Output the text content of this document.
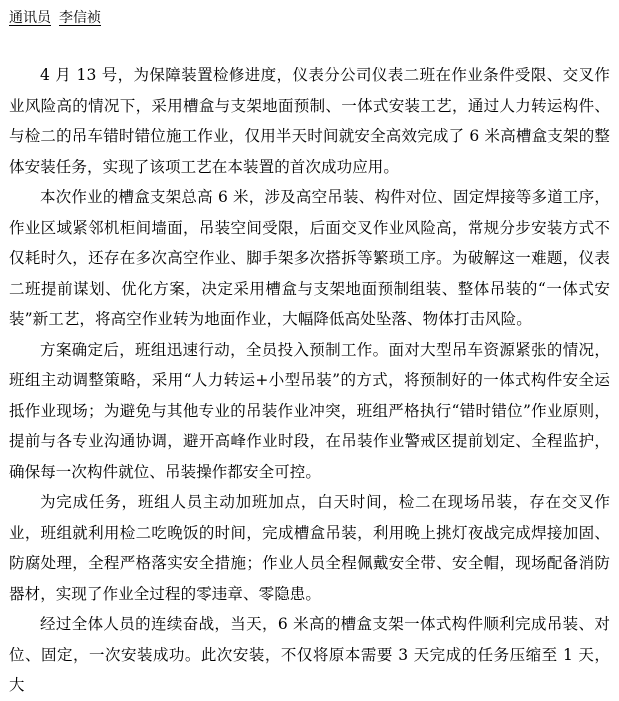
通讯员 李信祯

4 月 13 号，为保障装置检修进度，仪表分公司仪表二班在作业条件受限、交叉作业风险高的情况下，采用槽盒与支架地面预制、一体式安装工艺，通过人力转运构件、与检二的吊车错时错位施工作业，仅用半天时间就安全高效完成了 6 米高槽盒支架的整体安装任务，实现了该项工艺在本装置的首次成功应用。

本次作业的槽盒支架总高 6 米，涉及高空吊装、构件对位、固定焊接等多道工序，作业区域紧邻机柜间墙面，吊装空间受限，后面交叉作业风险高，常规分步安装方式不仅耗时久，还存在多次高空作业、脚手架多次搭拆等繁琐工序。为破解这一难题，仪表二班提前谋划、优化方案，决定采用槽盒与支架地面预制组装、整体吊装的“一体式安装”新工艺，将高空作业转为地面作业，大幅降低高处坠落、物体打击风险。

方案确定后，班组迅速行动，全员投入预制工作。面对大型吊车资源紧张的情况，班组主动调整策略，采用“人力转运+小型吊装”的方式，将预制好的一体式构件安全运抵作业现场；为避免与其他专业的吊装作业冲突，班组严格执行“错时错位”作业原则，提前与各专业沟通协调，避开高峰作业时段，在吊装作业警戒区提前划定、全程监护，确保每一次构件就位、吊装操作都安全可控。

为完成任务，班组人员主动加班加点，白天时间，检二在现场吊装，存在交叉作业，班组就利用检二吃晚饭的时间，完成槽盒吊装，利用晚上挑灯夜战完成焊接加固、防腐处理，全程严格落实安全措施；作业人员全程佩戴安全带、安全帽，现场配备消防器材，实现了作业全过程的零违章、零隐患。

经过全体人员的连续奋战，当天，6 米高的槽盒支架一体式构件顺利完成吊装、对位、固定，一次安装成功。此次安装，不仅将原本需要 3 天完成的任务压缩至 1 天，大
